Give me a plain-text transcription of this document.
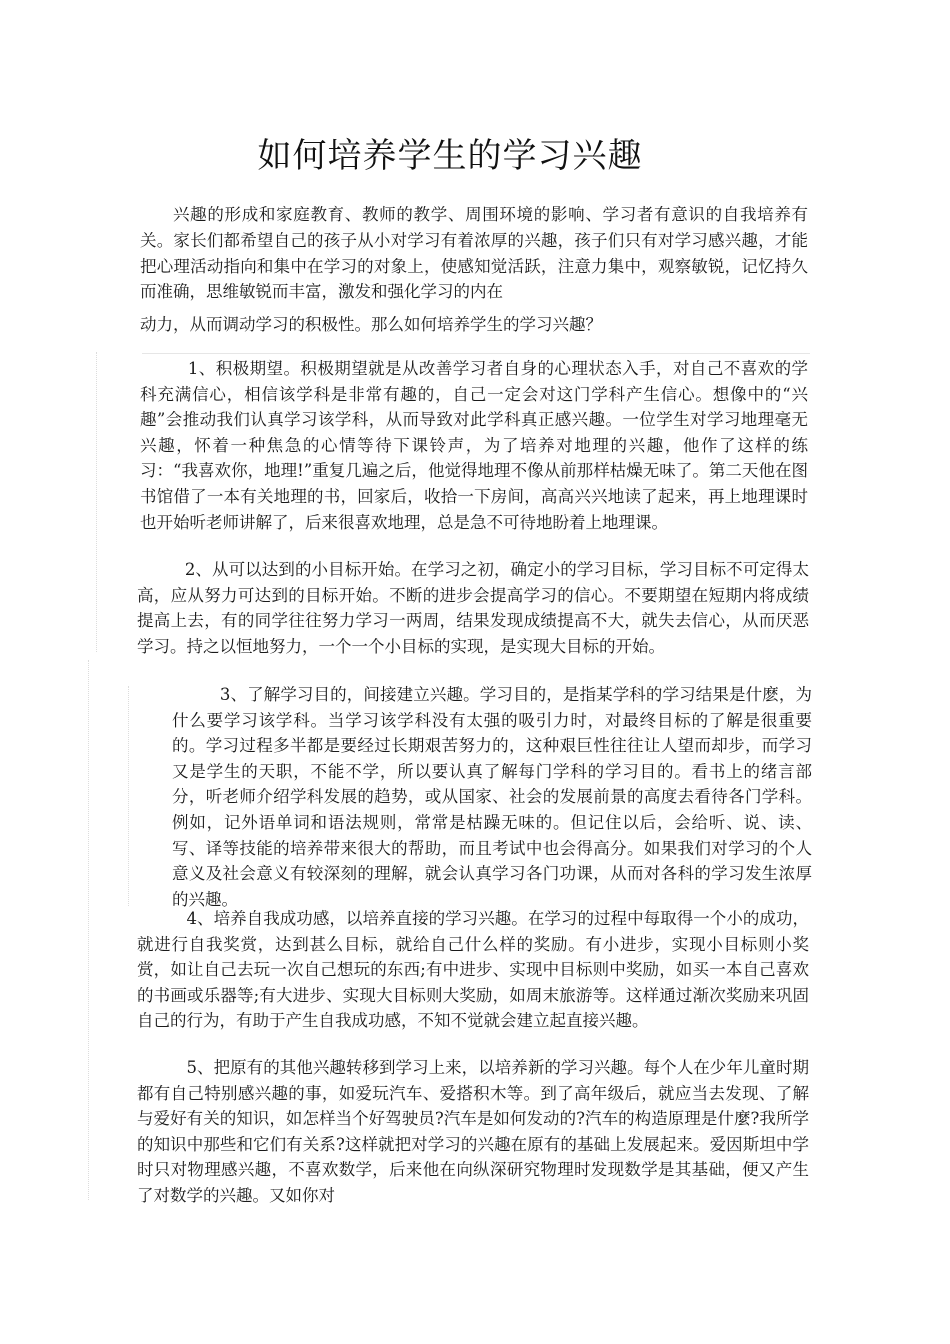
如何培养学生的学习兴趣

兴趣的形成和家庭教育、教师的教学、周围环境的影响、学习者有意识的自我培养有关。家长们都希望自己的孩子从小对学习有着浓厚的兴趣，孩子们只有对学习感兴趣，才能把心理活动指向和集中在学习的对象上，使感知觉活跃，注意力集中，观察敏锐，记忆持久而准确，思维敏锐而丰富，激发和强化学习的内在

动力，从而调动学习的积极性。那么如何培养学生的学习兴趣？

1、积极期望。积极期望就是从改善学习者自身的心理状态入手，对自己不喜欢的学科充满信心，相信该学科是非常有趣的，自己一定会对这门学科产生信心。想像中的“兴趣”会推动我们认真学习该学科，从而导致对此学科真正感兴趣。一位学生对学习地理毫无兴趣，怀着一种焦急的心情等待下课铃声，为了培养对地理的兴趣，他作了这样的练习：“我喜欢你，地理!”重复几遍之后，他觉得地理不像从前那样枯燥无味了。第二天他在图书馆借了一本有关地理的书，回家后，收拾一下房间，高高兴兴地读了起来，再上地理课时也开始听老师讲解了，后来很喜欢地理，总是急不可待地盼着上地理课。

2、从可以达到的小目标开始。在学习之初，确定小的学习目标，学习目标不可定得太高，应从努力可达到的目标开始。不断的进步会提高学习的信心。不要期望在短期内将成绩提高上去，有的同学往往努力学习一两周，结果发现成绩提高不大，就失去信心，从而厌恶学习。持之以恒地努力，一个一个小目标的实现，是实现大目标的开始。

3、了解学习目的，间接建立兴趣。学习目的，是指某学科的学习结果是什麽，为什么要学习该学科。当学习该学科没有太强的吸引力时，对最终目标的了解是很重要的。学习过程多半都是要经过长期艰苦努力的，这种艰巨性往往让人望而却步，而学习又是学生的天职，不能不学，所以要认真了解每门学科的学习目的。看书上的绪言部分，听老师介绍学科发展的趋势，或从国家、社会的发展前景的高度去看待各门学科。例如，记外语单词和语法规则，常常是枯躁无味的。但记住以后，会给听、说、读、写、译等技能的培养带来很大的帮助，而且考试中也会得高分。如果我们对学习的个人意义及社会意义有较深刻的理解，就会认真学习各门功课，从而对各科的学习发生浓厚的兴趣。

4、培养自我成功感，以培养直接的学习兴趣。在学习的过程中每取得一个小的成功，就进行自我奖赏，达到甚么目标，就给自己什么样的奖励。有小进步，实现小目标则小奖赏，如让自己去玩一次自己想玩的东西;有中进步、实现中目标则中奖励，如买一本自己喜欢的书画或乐器等;有大进步、实现大目标则大奖励，如周末旅游等。这样通过渐次奖励来巩固自己的行为，有助于产生自我成功感，不知不觉就会建立起直接兴趣。

5、把原有的其他兴趣转移到学习上来，以培养新的学习兴趣。每个人在少年儿童时期都有自己特别感兴趣的事，如爱玩汽车、爱搭积木等。到了高年级后，就应当去发现、了解与爱好有关的知识，如怎样当个好驾驶员?汽车是如何发动的?汽车的构造原理是什麼?我所学的知识中那些和它们有关系?这样就把对学习的兴趣在原有的基础上发展起来。爱因斯坦中学时只对物理感兴趣，不喜欢数学，后来他在向纵深研究物理时发现数学是其基础，便又产生了对数学的兴趣。又如你对
